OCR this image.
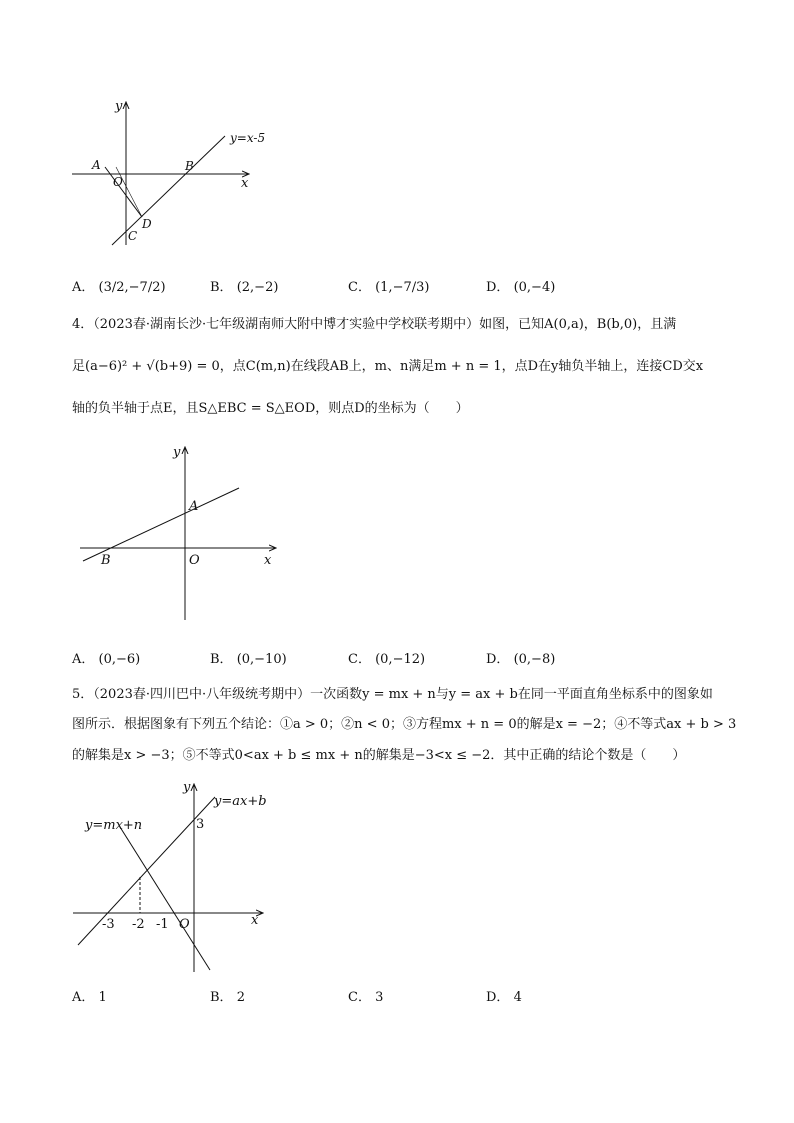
y
x
y=x-5
A
O
B
D
C
A． (3/2,−7/2)	B． (2,−2)	C． (1,−7/3)	D． (0,−4)
4．（2023春·湖南长沙·七年级湖南师大附中博才实验中学校联考期中）如图，已知A(0,a)，B(b,0)，且满
足(a−6)² + √(b+9) = 0，点C(m,n)在线段AB上，m、n满足m + n = 1，点D在y轴负半轴上，连接CD交x
轴的负半轴于点E，且S△EBC = S△EOD，则点D的坐标为（　　）
y
x
A
B	O
A． (0,−6)	B． (0,−10)	C． (0,−12)	D． (0,−8)
5．（2023春·四川巴中·八年级统考期中）一次函数y = mx + n与y = ax + b在同一平面直角坐标系中的图象如
图所示．根据图象有下列五个结论：①a > 0；②n < 0；③方程mx + n = 0的解是x = −2；④不等式ax + b > 3
的解集是x > −3；⑤不等式0<ax + b ≤ mx + n的解集是−3<x ≤ −2．其中正确的结论个数是（　　）
y
x
y=ax+b
y=mx+n	3
O
-3 -2 -1
A． 1	B． 2	C． 3	D． 4
